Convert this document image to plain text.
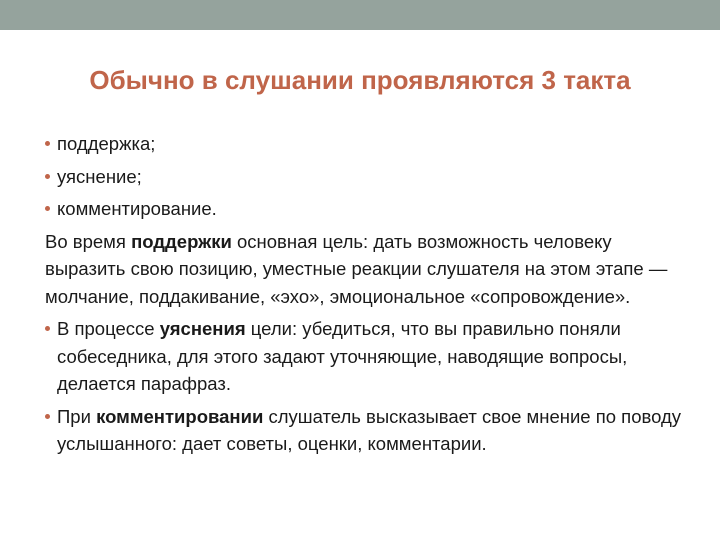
Обычно в слушании проявляются 3 такта
поддержка;
уяснение;
комментирование.
Во время поддержки основная цель: дать возможность человеку выразить свою позицию, уместные реакции слушателя на этом этапе — молчание, поддакивание, «эхо», эмоциональное «сопровождение».
В процессе уяснения цели: убедиться, что вы правильно поняли собеседника, для этого задают уточняющие, наводящие вопросы, делается парафраз.
При комментировании слушатель высказывает свое мнение по поводу услышанного: дает советы, оценки, комментарии.
